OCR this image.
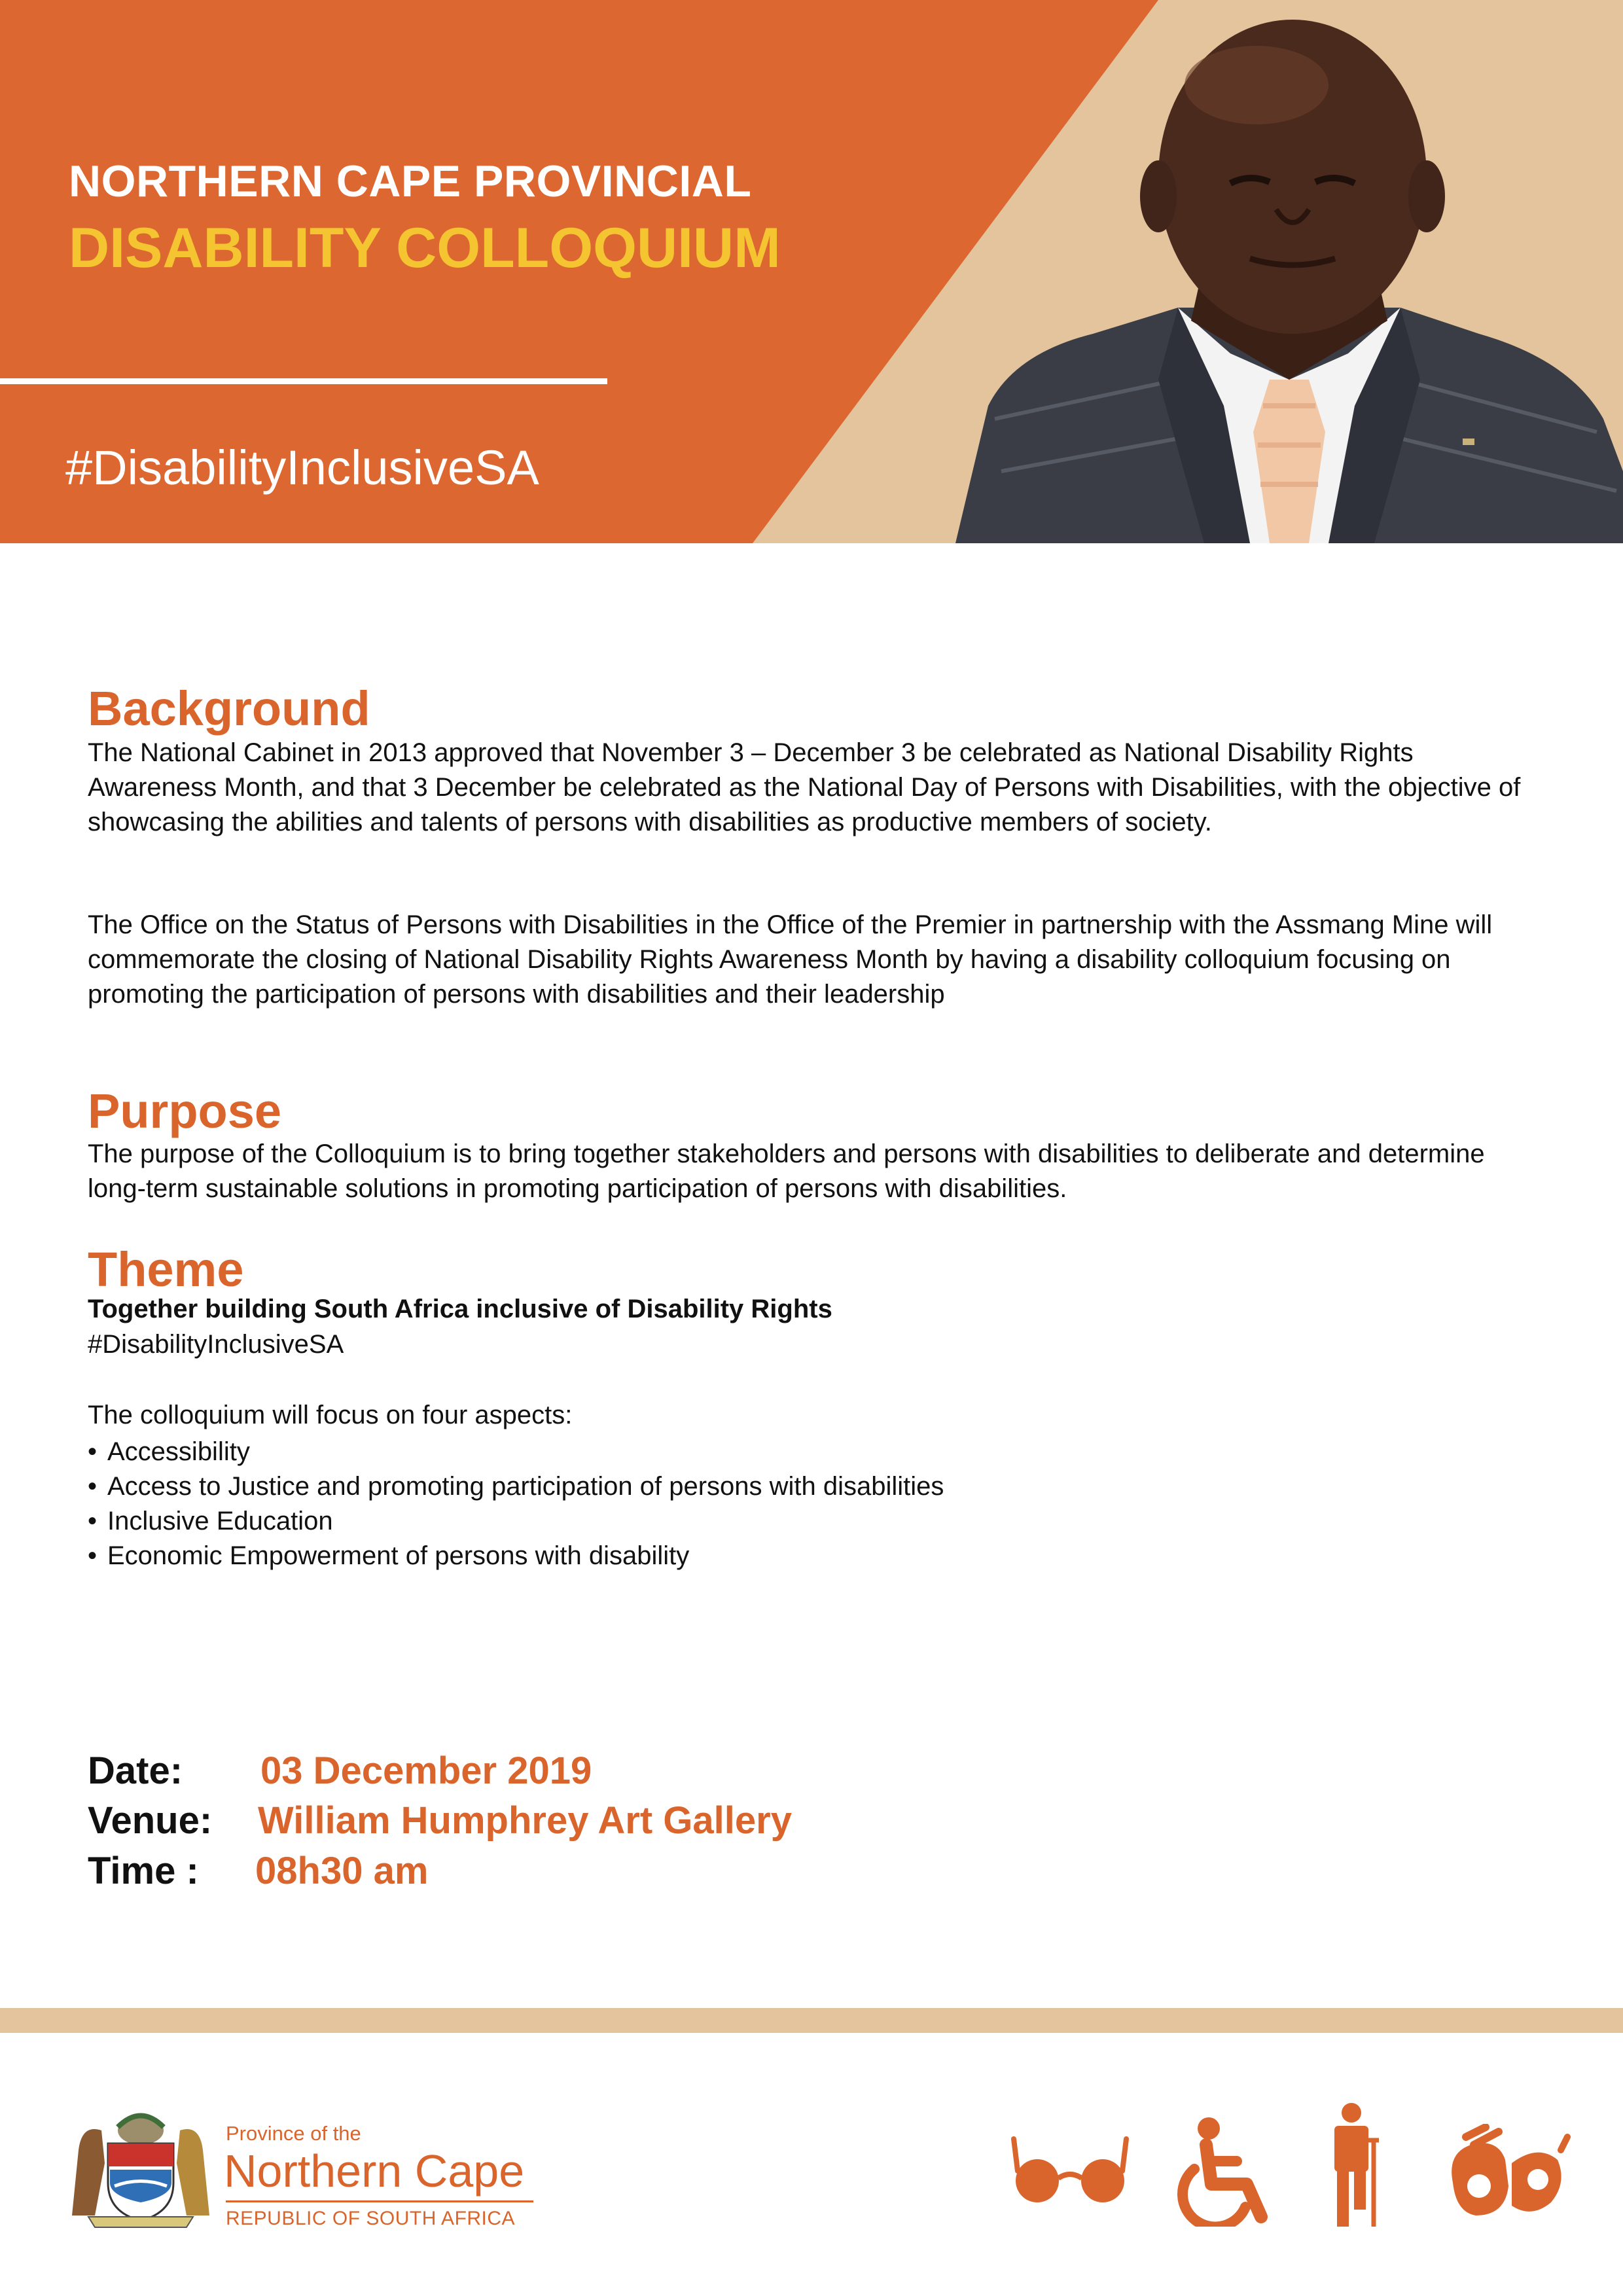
NORTHERN CAPE PROVINCIAL
DISABILITY COLLOQUIUM
#DisabilityInclusiveSA
Background

The National Cabinet in 2013 approved that November 3 – December 3 be celebrated as National Disability Rights Awareness Month, and that 3 December be celebrated as the National Day of Persons with Disabilities, with the objective of showcasing the abilities and talents of persons with disabilities as productive members of society.

The Office on the Status of Persons with Disabilities in the Office of the Premier in partnership with the Assmang Mine will commemorate the closing of National Disability Rights Awareness Month by having a disability colloquium focusing on promoting the participation of persons with disabilities and their leadership

Purpose

The purpose of the Colloquium is to bring together stakeholders and persons with disabilities to deliberate and determine long-term sustainable solutions in promoting participation of persons with disabilities.

Theme
Together building South Africa inclusive of Disability Rights
#DisabilityInclusiveSA
The colloquium will focus on four aspects:
• Accessibility
• Access to Justice and promoting participation of persons with disabilities
• Inclusive Education
• Economic Empowerment of persons with disability
Date: 03 December 2019
Venue: William Humphrey Art Gallery
Time : 08h30 am
Province of the
Northern Cape
REPUBLIC OF SOUTH AFRICA
